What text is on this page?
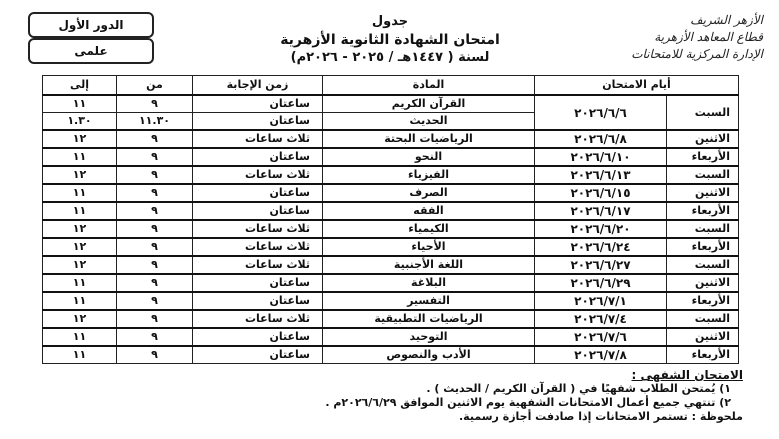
الدور الأول
علمى
جدول
امتحان الشهادة الثانوية الأزهرية
لسنة ( ١٤٤٧هـ / ٢٠٢٥ - ٢٠٢٦م)
الأزهر الشريف
قطاع المعاهد الأزهرية
الإدارة المركزية للامتحانات
أيام الامتحان		المادة	زمن الإجابة	من	إلى
السبت	٢٠٢٦/٦/٦	القرآن الكريم	ساعتان	٩	١١
		الحديث	ساعتان	١١.٣٠	١.٣٠
الاثنين	٢٠٢٦/٦/٨	الرياضيات البحتة	ثلاث ساعات	٩	١٢
الأربعاء	٢٠٢٦/٦/١٠	النحو	ساعتان	٩	١١
السبت	٢٠٢٦/٦/١٣	الفيزياء	ثلاث ساعات	٩	١٢
الاثنين	٢٠٢٦/٦/١٥	الصرف	ساعتان	٩	١١
الأربعاء	٢٠٢٦/٦/١٧	الفقه	ساعتان	٩	١١
السبت	٢٠٢٦/٦/٢٠	الكيمياء	ثلاث ساعات	٩	١٢
الأربعاء	٢٠٢٦/٦/٢٤	الأحياء	ثلاث ساعات	٩	١٢
السبت	٢٠٢٦/٦/٢٧	اللغة الأجنبية	ثلاث ساعات	٩	١٢
الاثنين	٢٠٢٦/٦/٢٩	البلاغة	ساعتان	٩	١١
الأربعاء	٢٠٢٦/٧/١	التفسير	ساعتان	٩	١١
السبت	٢٠٢٦/٧/٤	الرياضيات التطبيقية	ثلاث ساعات	٩	١٢
الاثنين	٢٠٢٦/٧/٦	التوحيد	ساعتان	٩	١١
الأربعاء	٢٠٢٦/٧/٨	الأدب والنصوص	ساعتان	٩	١١
الامتحان الشفهى :
١) يُمتحن الطلاب شفهيًا في ( القرآن الكريم / الحديث ) .
٢) تنتهي جميع أعمال الامتحانات الشفهية يوم الاثنين الموافق ٢٠٢٦/٦/٢٩م .
ملحوظة : تستمر الامتحانات إذا صادفت أجازة رسمية.
